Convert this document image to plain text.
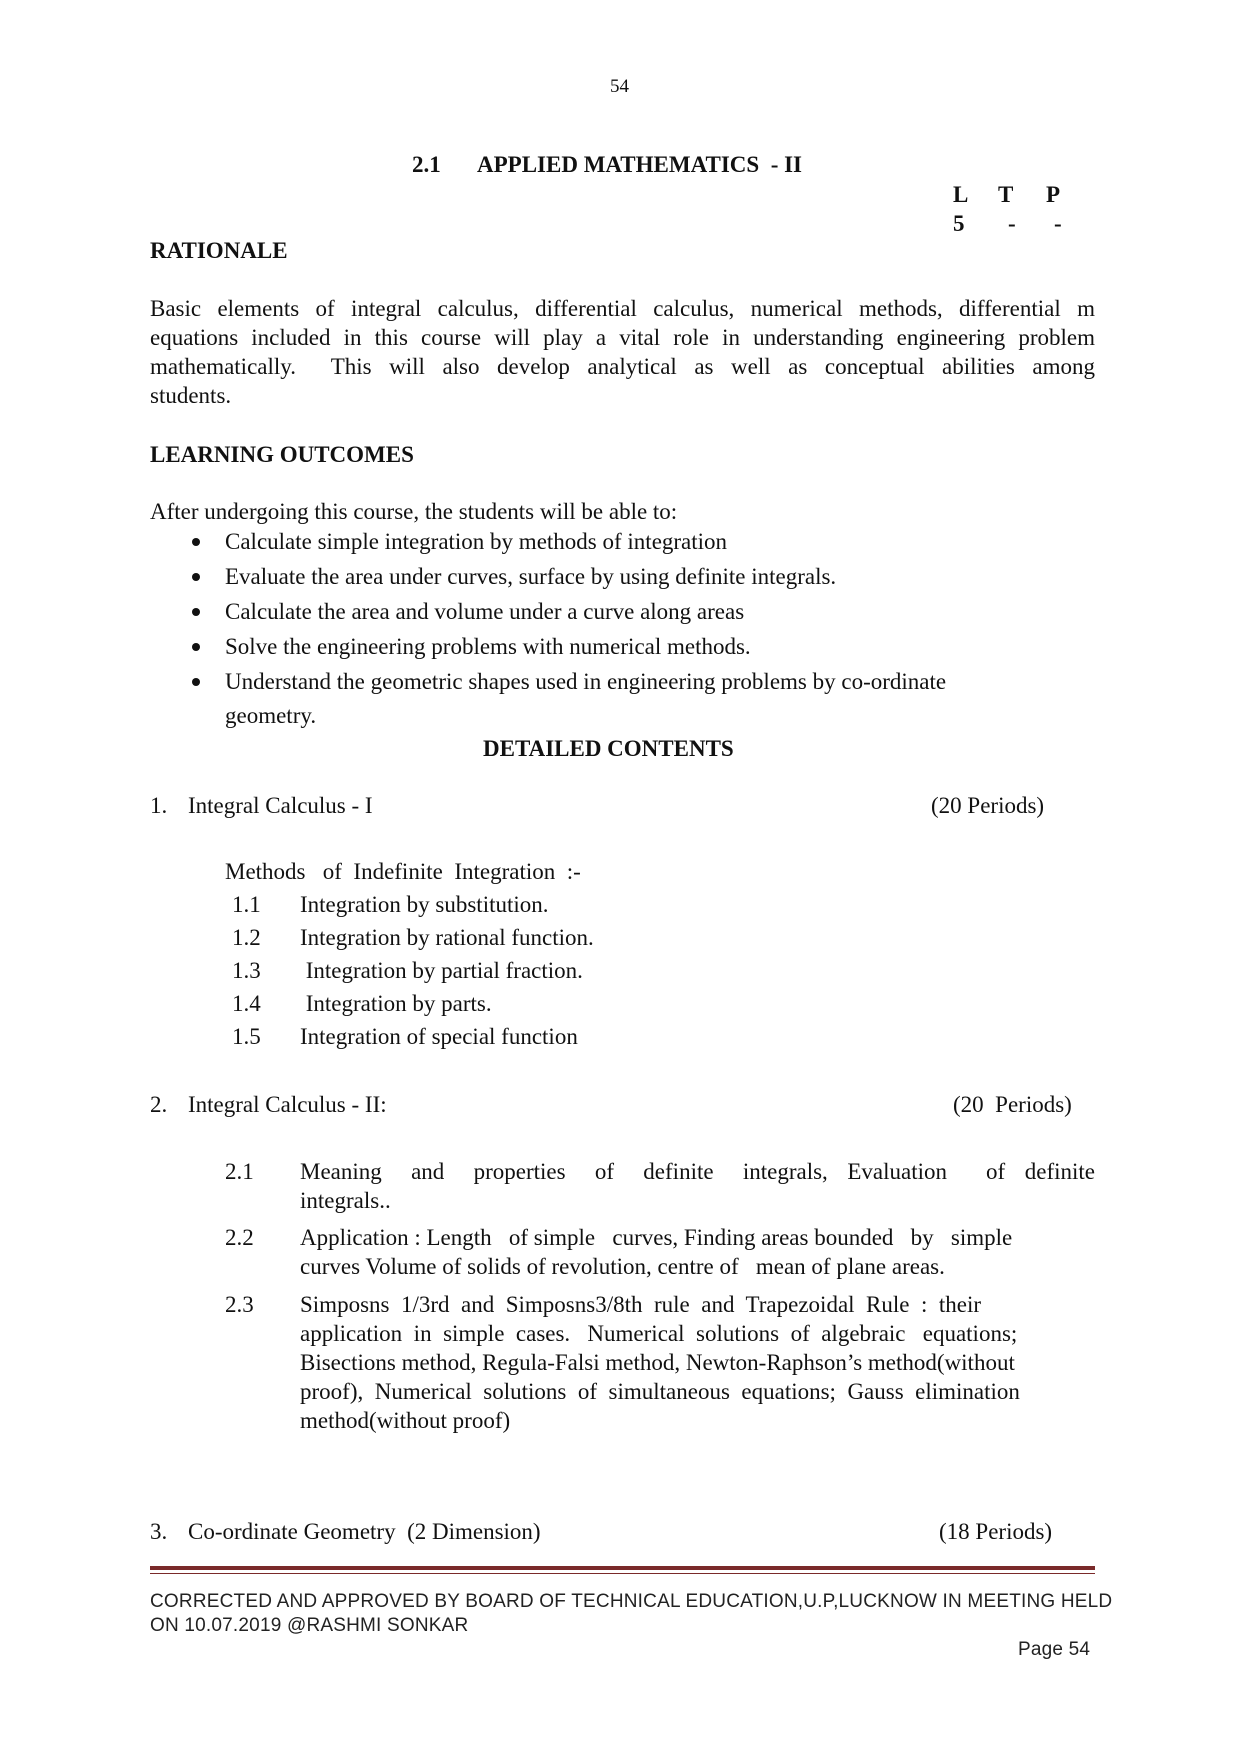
54
2.1 APPLIED MATHEMATICS  - II
L T P
5 - -
RATIONALE
Basic elements of integral calculus, differential calculus, numerical methods, differential m
equations included in this course will play a vital role in understanding engineering problem
mathematically.  This will also develop analytical as well as conceptual abilities among
students.
LEARNING OUTCOMES
After undergoing this course, the students will be able to:
Calculate simple integration by methods of integration
Evaluate the area under curves, surface by using definite integrals.
Calculate the area and volume under a curve along areas
Solve the engineering problems with numerical methods.
Understand the geometric shapes used in engineering problems by co-ordinate
geometry.
DETAILED CONTENTS
1. Integral Calculus - I	(20 Periods)
Methods   of  Indefinite  Integration  :-
1.1 Integration by substitution.
1.2 Integration by rational function.
1.3 Integration by partial fraction.
1.4 Integration by parts.
1.5 Integration of special function
2. Integral Calculus - II:	(20  Periods)
2.1 Meaning   and   properties   of   definite   integrals,  Evaluation    of  definite
integrals..
2.2 Application : Length   of simple   curves, Finding areas bounded   by   simple
curves Volume of solids of revolution, centre of   mean of plane areas.
2.3 Simposns  1/3rd  and  Simposns3/8th  rule  and  Trapezoidal  Rule  :  their
application  in  simple  cases.   Numerical  solutions  of  algebraic   equations;
Bisections method, Regula-Falsi method, Newton-Raphson’s method(without
proof),  Numerical  solutions  of  simultaneous  equations;  Gauss  elimination
method(without proof)
3. Co-ordinate Geometry  (2 Dimension)	(18 Periods)
CORRECTED AND APPROVED BY BOARD OF TECHNICAL EDUCATION,U.P,LUCKNOW IN MEETING HELD
ON 10.07.2019 @RASHMI SONKAR
Page 54
